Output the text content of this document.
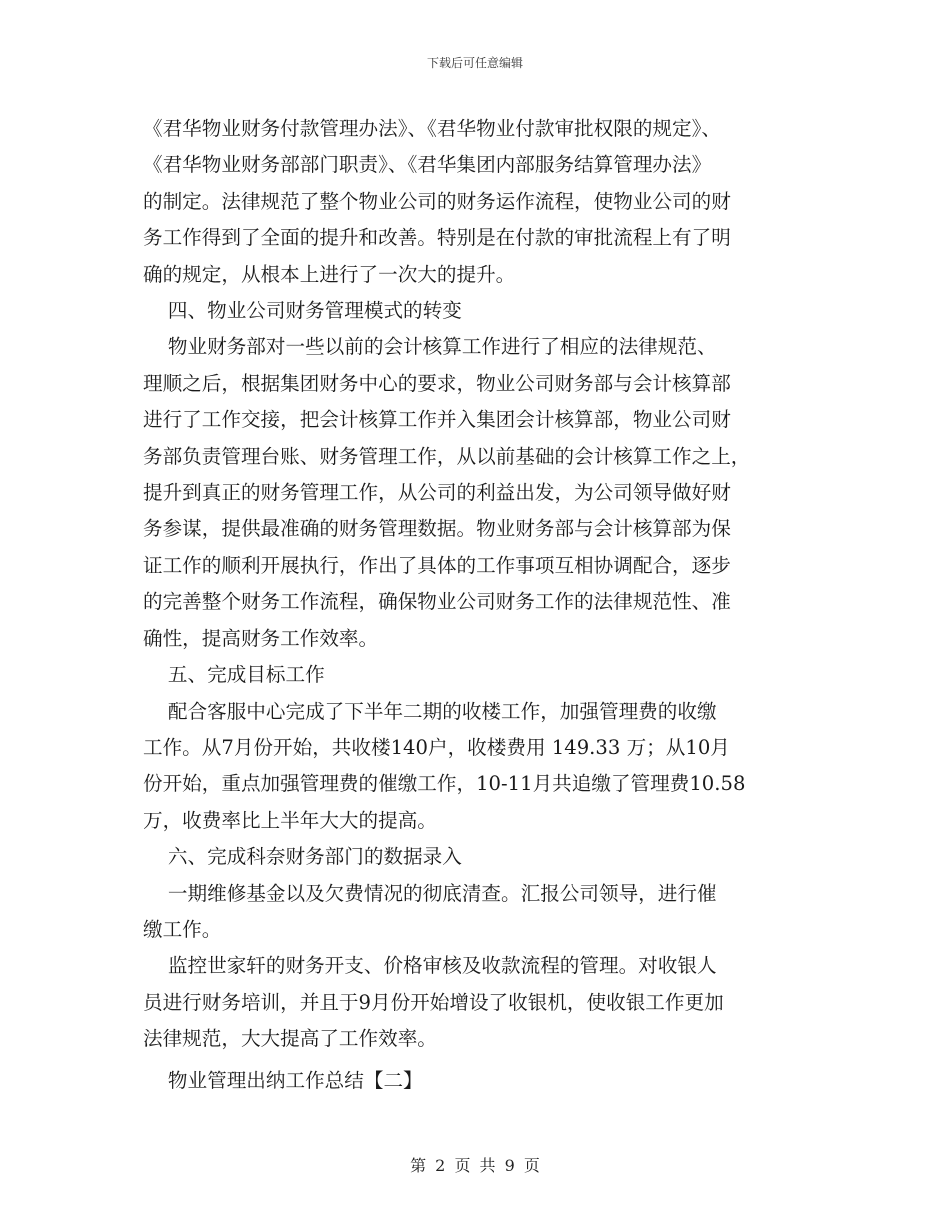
下载后可任意编辑

《君华物业财务付款管理办法》、《君华物业付款审批权限的规定》、

《君华物业财务部部门职责》、《君华集团内部服务结算管理办法》

的制定。法律规范了整个物业公司的财务运作流程，使物业公司的财

务工作得到了全面的提升和改善。特别是在付款的审批流程上有了明

确的规定，从根本上进行了一次大的提升。

四、物业公司财务管理模式的转变

物业财务部对一些以前的会计核算工作进行了相应的法律规范、

理顺之后，根据集团财务中心的要求，物业公司财务部与会计核算部

进行了工作交接，把会计核算工作并入集团会计核算部，物业公司财

务部负责管理台账、财务管理工作，从以前基础的会计核算工作之上，

提升到真正的财务管理工作，从公司的利益出发，为公司领导做好财

务参谋，提供最准确的财务管理数据。物业财务部与会计核算部为保

证工作的顺利开展执行，作出了具体的工作事项互相协调配合，逐步

的完善整个财务工作流程，确保物业公司财务工作的法律规范性、准

确性，提高财务工作效率。

五、完成目标工作

配合客服中心完成了下半年二期的收楼工作，加强管理费的收缴

工作。从7月份开始，共收楼140户，收楼费用 149.33 万；从10月

份开始，重点加强管理费的催缴工作，10-11月共追缴了管理费10.58

万，收费率比上半年大大的提高。

六、完成科奈财务部门的数据录入

一期维修基金以及欠费情况的彻底清查。汇报公司领导，进行催

缴工作。

监控世家轩的财务开支、价格审核及收款流程的管理。对收银人

员进行财务培训，并且于9月份开始增设了收银机，使收银工作更加

法律规范，大大提高了工作效率。

物业管理出纳工作总结【二】

第 2 页 共 9 页
